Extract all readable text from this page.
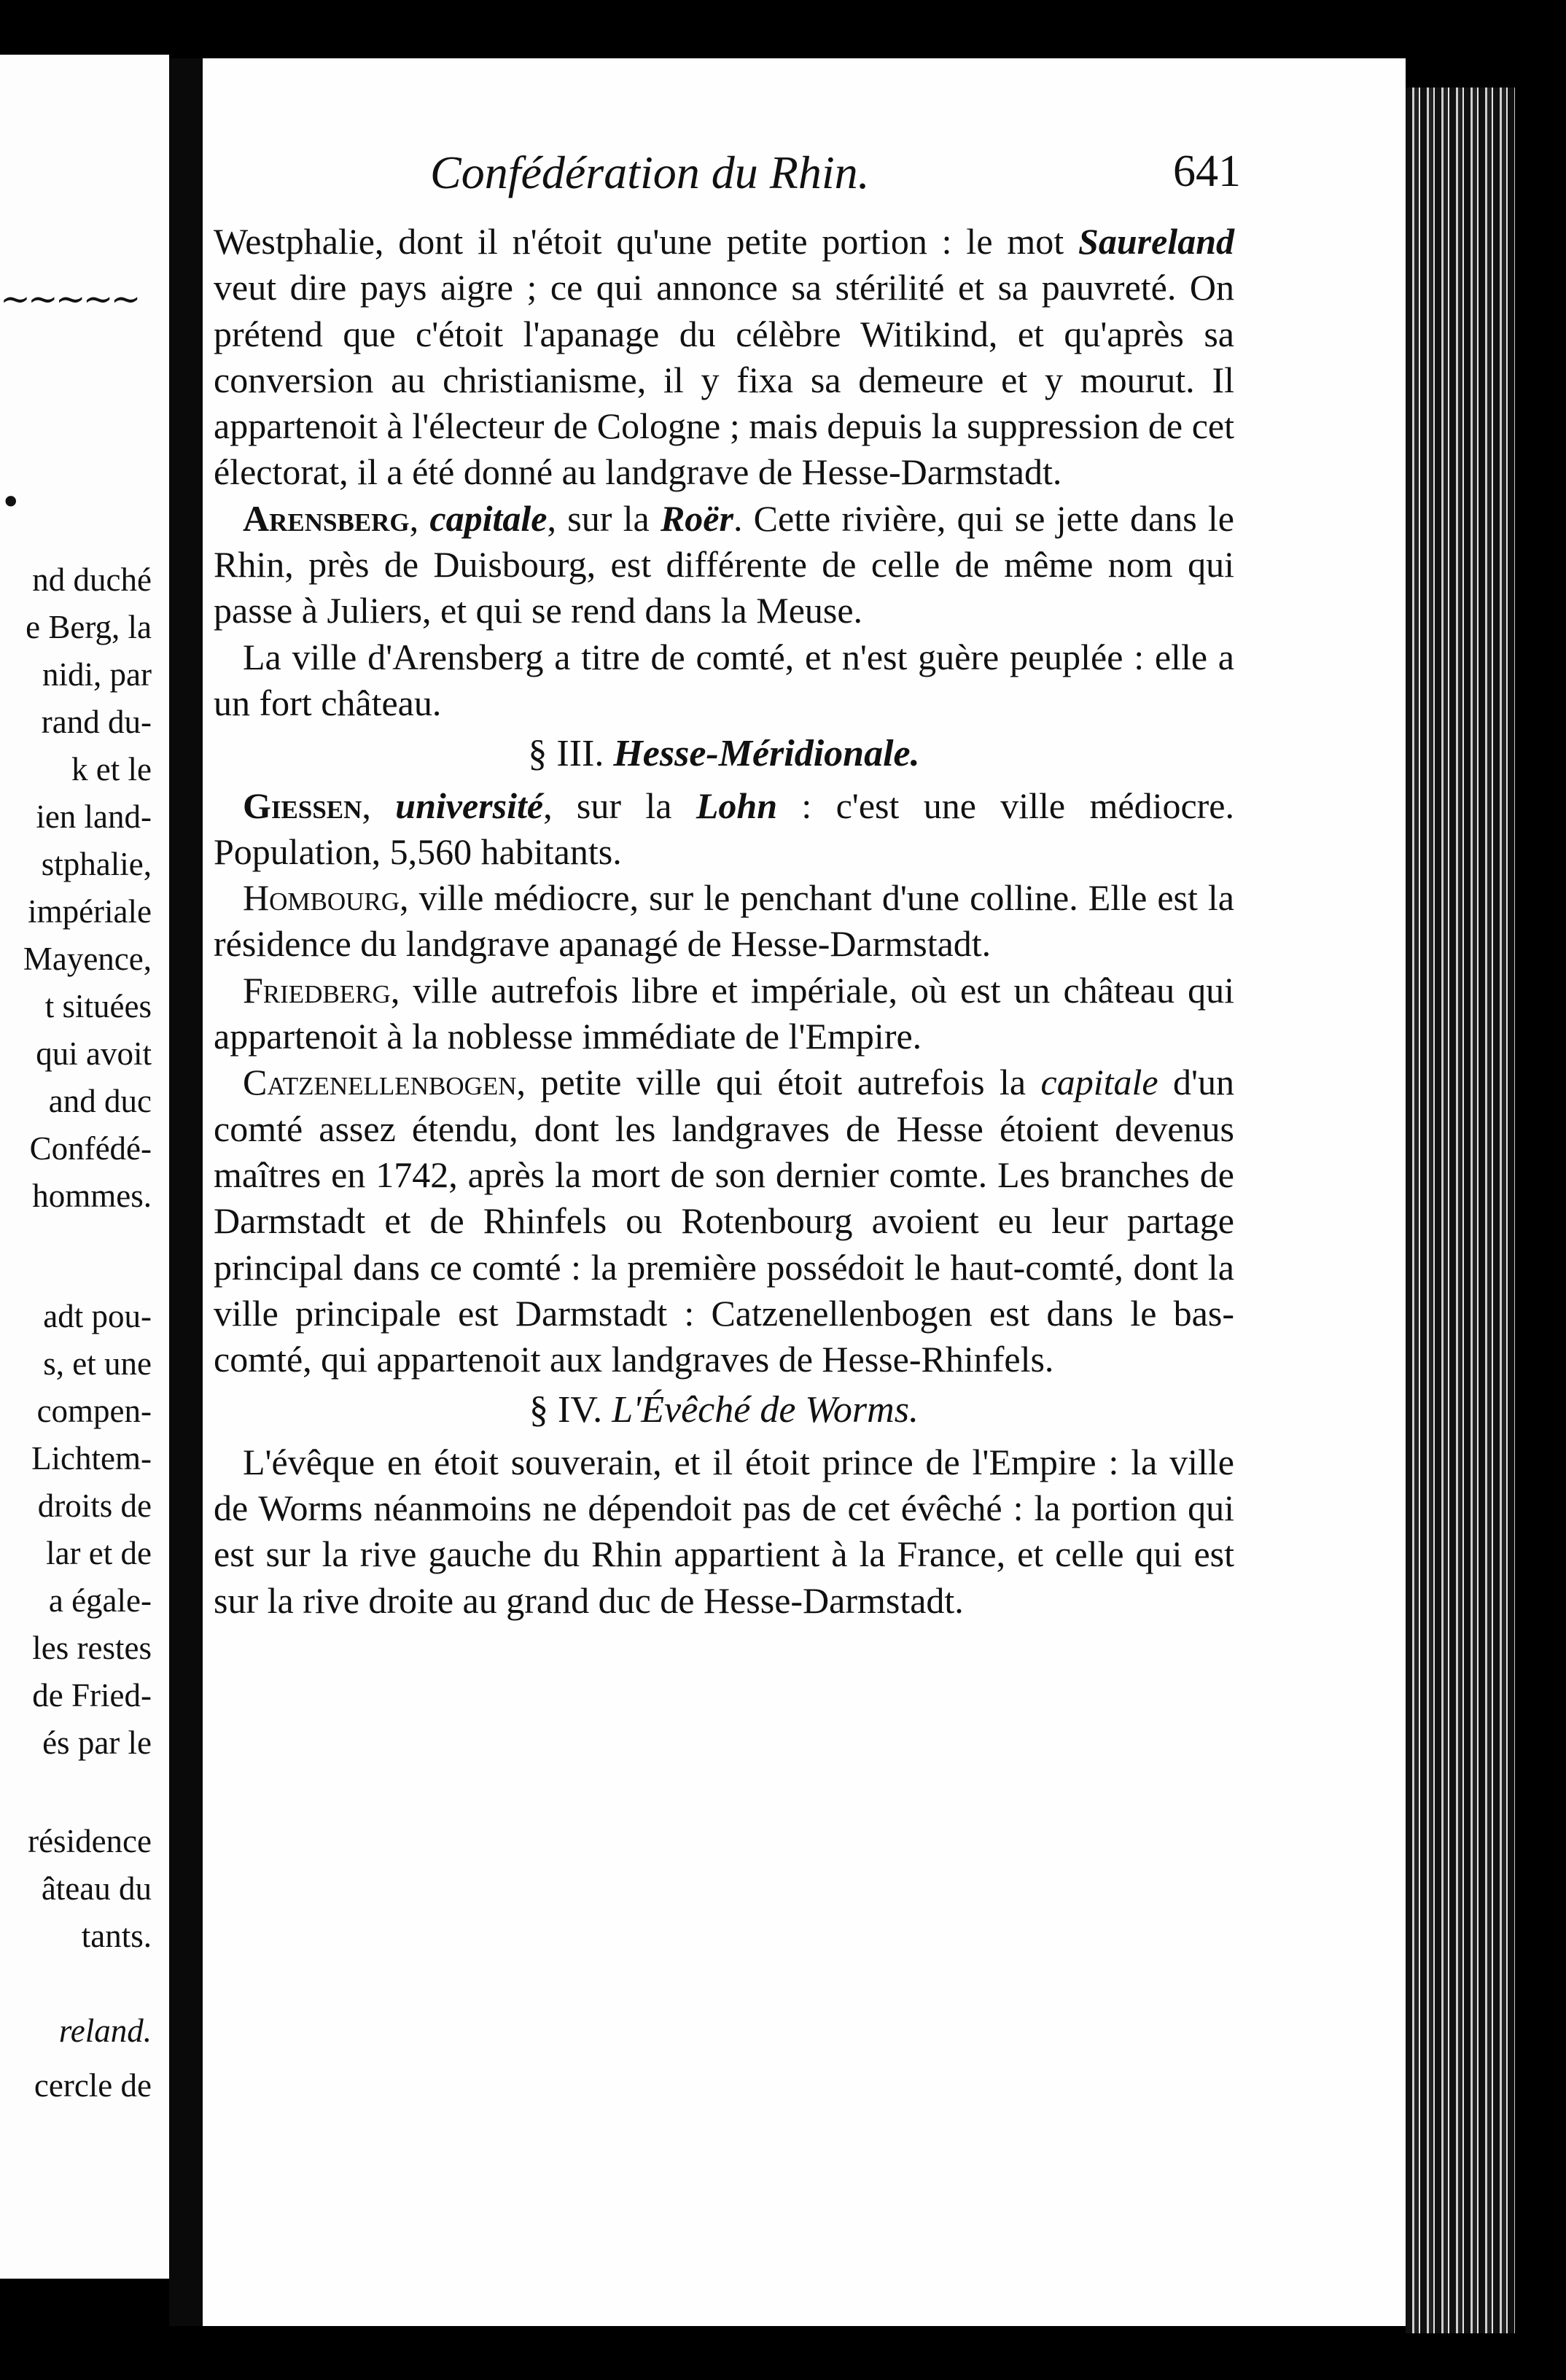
~~~~~
•
nd duché
e Berg, la
nidi, par
rand du-
k et le
ien land-
stphalie,
impériale
Mayence,
t situées
qui avoit
and duc
Confédé-
hommes.
adt pou-
s, et une
compen-
Lichtem-
droits de
lar et de
a égale-
les restes
de Fried-
és par le
résidence
âteau du
tants.
reland.
cercle de
Confédération du Rhin.	641

Westphalie, dont il n'étoit qu'une petite portion : le mot Saureland veut dire pays aigre ; ce qui annonce sa stérilité et sa pauvreté. On prétend que c'étoit l'apanage du célèbre Witikind, et qu'après sa conversion au christianisme, il y fixa sa demeure et y mourut. Il appartenoit à l'électeur de Cologne ; mais depuis la suppression de cet électorat, il a été donné au landgrave de Hesse-Darmstadt.

Arensberg, capitale, sur la Roër. Cette rivière, qui se jette dans le Rhin, près de Duisbourg, est différente de celle de même nom qui passe à Juliers, et qui se rend dans la Meuse.

La ville d'Arensberg a titre de comté, et n'est guère peuplée : elle a un fort château.

§ III. Hesse-Méridionale.

Giessen, université, sur la Lohn : c'est une ville médiocre. Population, 5,560 habitants.

Hombourg, ville médiocre, sur le penchant d'une colline. Elle est la résidence du landgrave apanagé de Hesse-Darmstadt.

Friedberg, ville autrefois libre et impériale, où est un château qui appartenoit à la noblesse immédiate de l'Empire.

Catzenellenbogen, petite ville qui étoit autrefois la capitale d'un comté assez étendu, dont les landgraves de Hesse étoient devenus maîtres en 1742, après la mort de son dernier comte. Les branches de Darmstadt et de Rhinfels ou Rotenbourg avoient eu leur partage principal dans ce comté : la première possédoit le haut-comté, dont la ville principale est Darmstadt : Catzenellenbogen est dans le bas-comté, qui appartenoit aux landgraves de Hesse-Rhinfels.

§ IV. L'Évêché de Worms.

L'évêque en étoit souverain, et il étoit prince de l'Empire : la ville de Worms néanmoins ne dépendoit pas de cet évêché : la portion qui est sur la rive gauche du Rhin appartient à la France, et celle qui est sur la rive droite au grand duc de Hesse-Darmstadt.
